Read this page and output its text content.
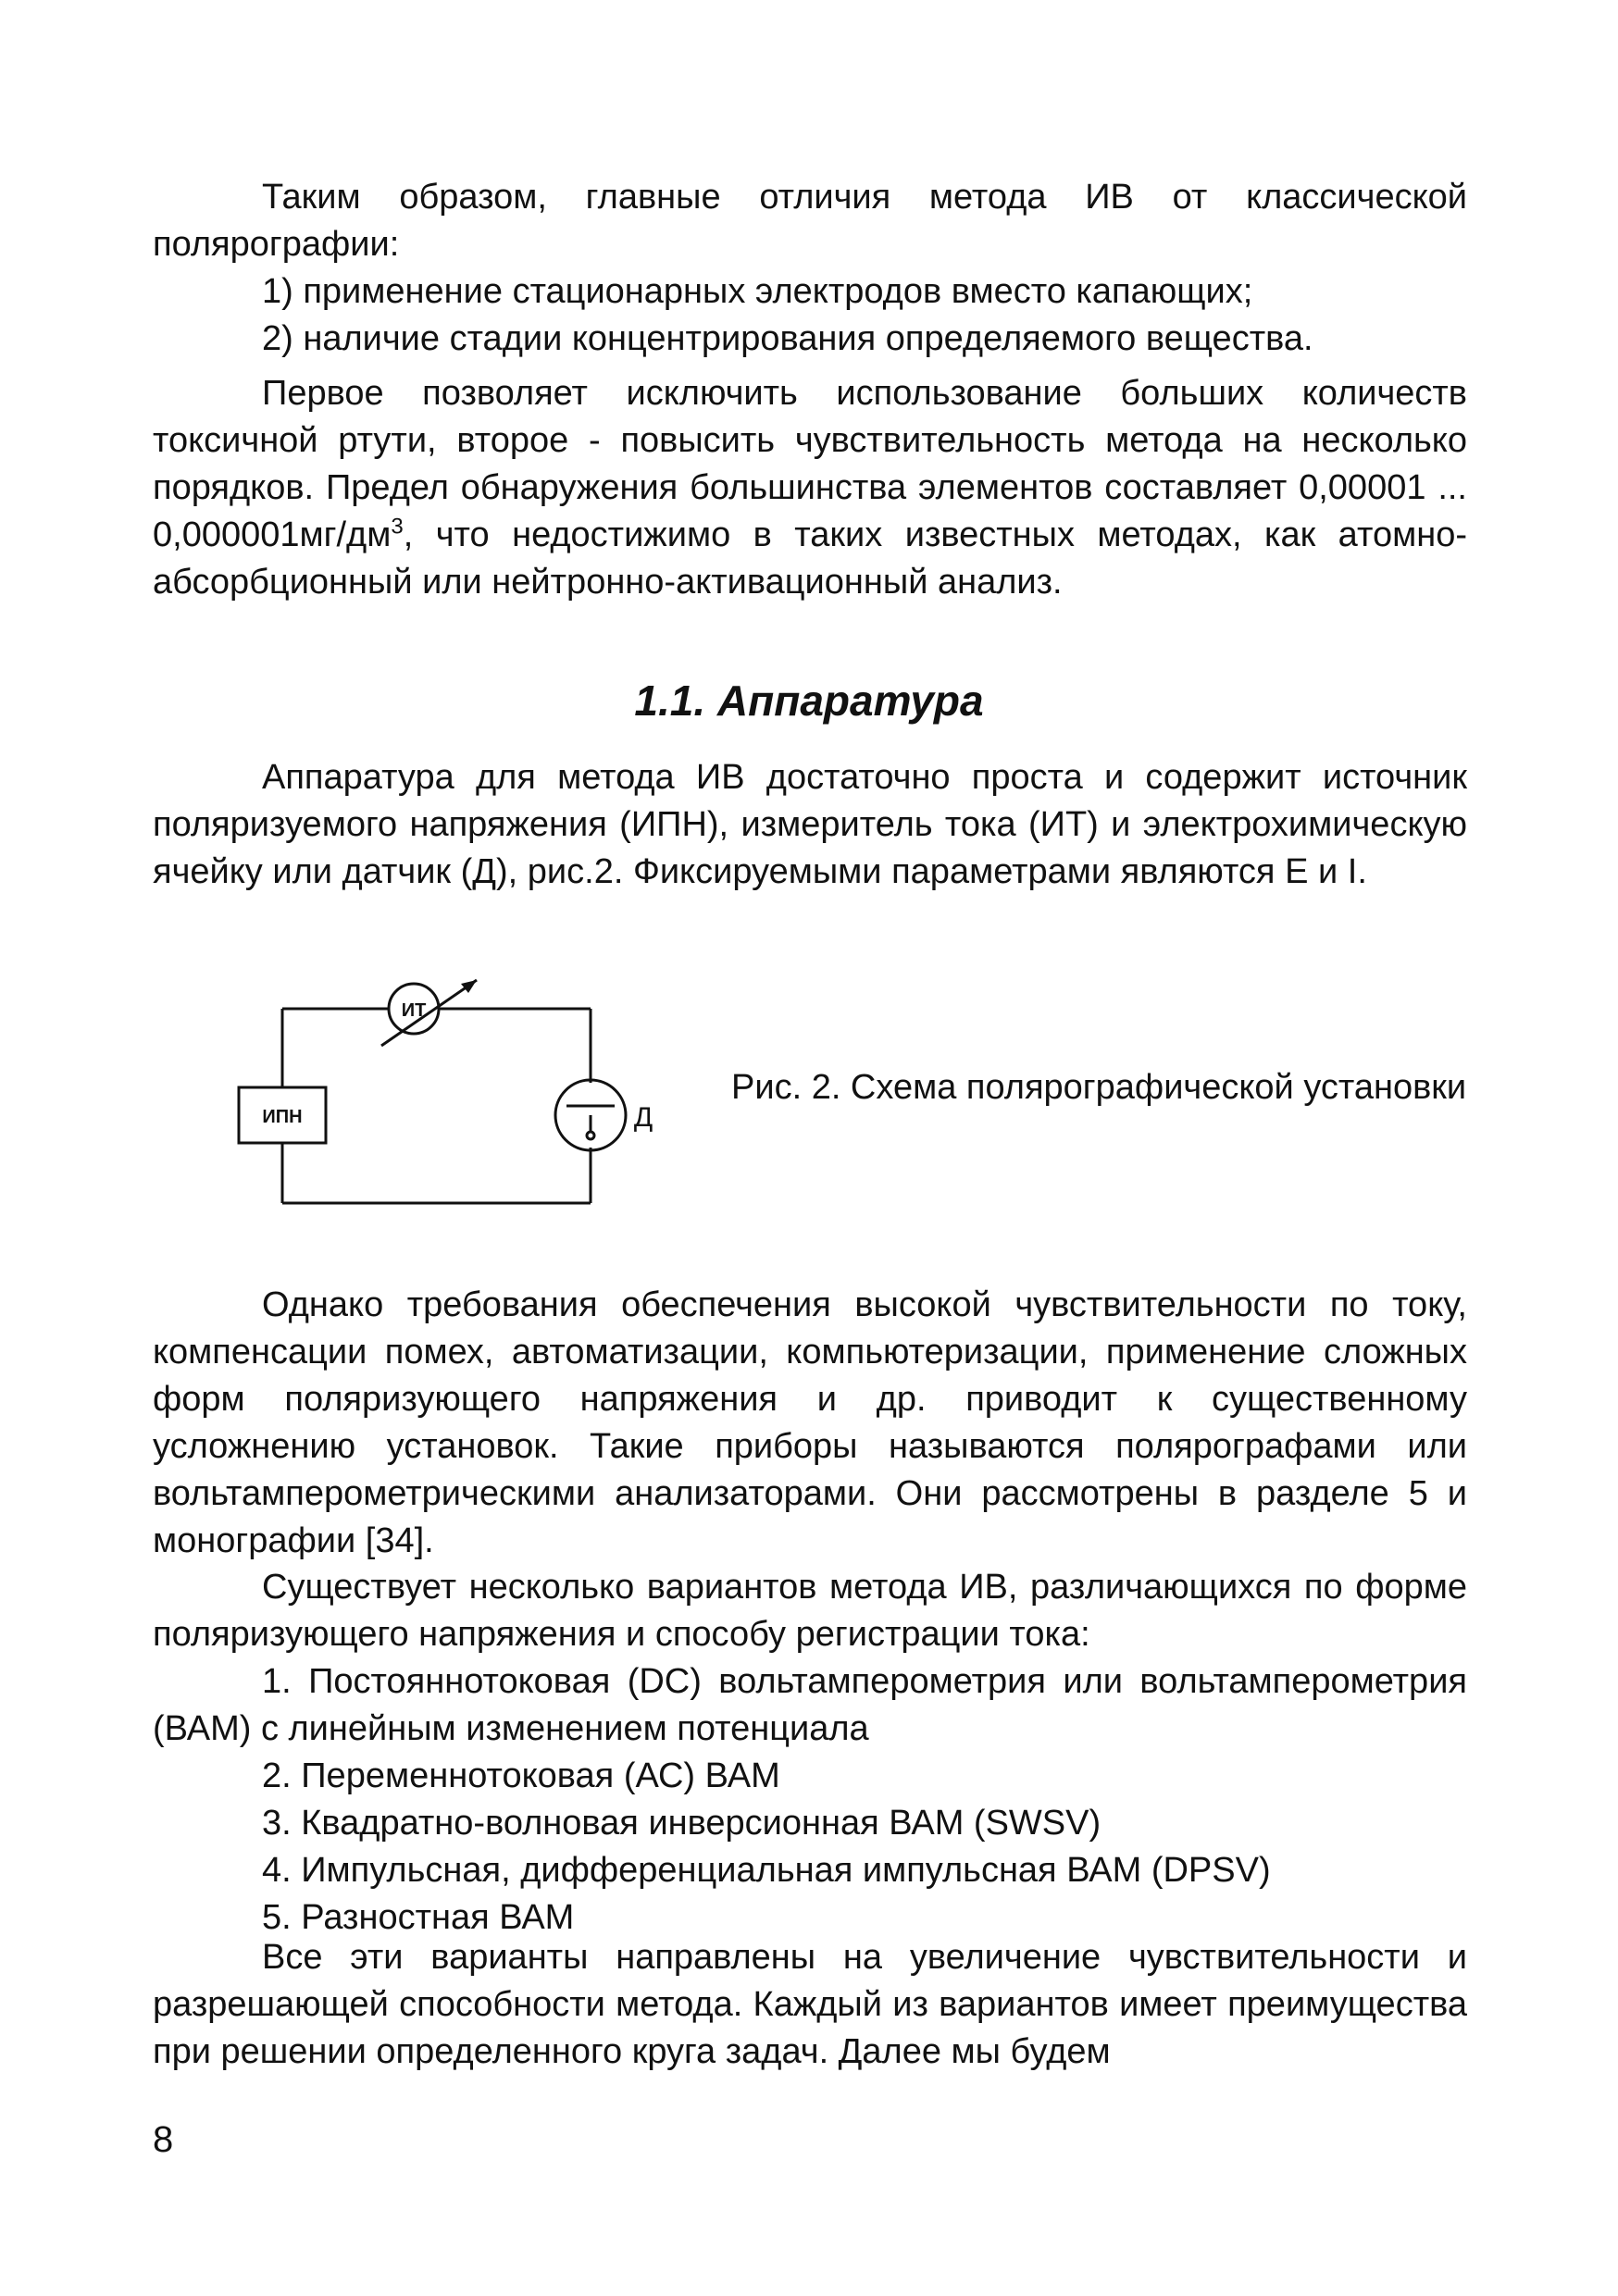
Таким образом, главные отличия метода ИВ от классической полярографии:

1) применение стационарных электродов вместо капающих;

2) наличие стадии концентрирования определяемого вещества.

Первое позволяет исключить использование больших количеств токсичной ртути, второе - повысить чувствительность метода на несколько порядков. Предел обнаружения большинства элементов составляет 0,00001 ... $0,000001мг/дм^3$, что недостижимо в таких известных методах, как атомно-абсорбционный или нейтронно-активационный анализ.

1.1. Аппаратура

Аппаратура для метода ИВ достаточно проста и содержит источник поляризуемого напряжения (ИПН), измеритель тока (ИТ) и электрохимическую ячейку или датчик (Д), рис.2. Фиксируемыми параметрами являются Е и I.

ИПН
ИТ
Д

Рис. 2. Схема полярографической установки

Однако требования обеспечения высокой чувствительности по току, компенсации помех, автоматизации, компьютеризации, применение сложных форм поляризующего напряжения и др. приводит к существенному усложнению установок. Такие приборы называются полярографами или вольтамперометрическими анализаторами. Они рассмотрены в разделе 5 и монографии [34].

Существует несколько вариантов метода ИВ, различающихся по форме поляризующего напряжения и способу регистрации тока:

1. Постояннотоковая (DC) вольтамперометрия или вольтамперометрия (ВАМ) с линейным изменением потенциала

2. Переменнотоковая (АС) ВАМ

3. Квадратно-волновая инверсионная ВАМ (SWSV)

4. Импульсная, дифференциальная импульсная ВАМ (DPSV)

5. Разностная ВАМ

Все эти варианты направлены на увеличение чувствительности и разрешающей способности метода. Каждый из вариантов имеет преимущества при решении определенного круга задач. Далее мы будем

8
